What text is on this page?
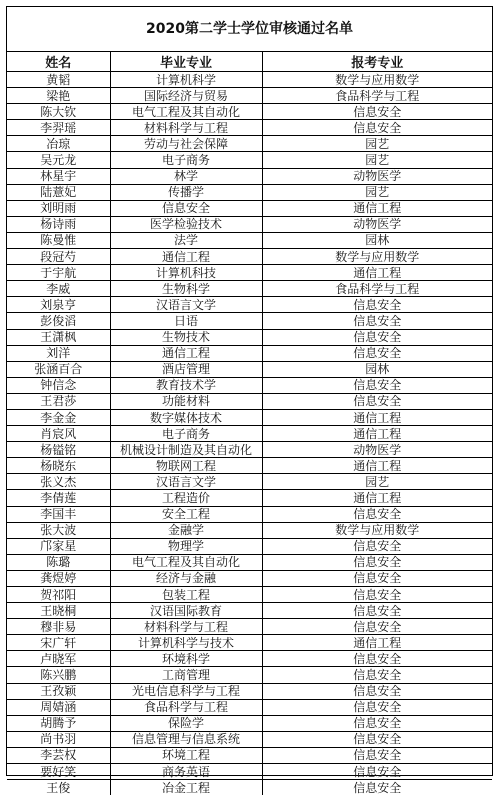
2020第二学士学位审核通过名单
姓名	毕业专业	报考专业
黄韬	计算机科学	数学与应用数学
梁艳	国际经济与贸易	食品科学与工程
陈大钦	电气工程及其自动化	信息安全
李羿瑶	材料科学与工程	信息安全
冶琼	劳动与社会保障	园艺
吴元龙	电子商务	园艺
林星宇	林学	动物医学
陆薏妃	传播学	园艺
刘明雨	信息安全	通信工程
杨诗雨	医学检验技术	动物医学
陈曼惟	法学	园林
段冠芍	通信工程	数学与应用数学
于宇航	计算机科技	通信工程
李威	生物科学	食品科学与工程
刘泉亨	汉语言文学	信息安全
彭俊滔	日语	信息安全
王潇枫	生物技术	信息安全
刘洋	通信工程	信息安全
张涵百合	酒店管理	园林
钟信念	教育技术学	信息安全
王君莎	功能材料	信息安全
李金金	数字媒体技术	通信工程
肖宸风	电子商务	通信工程
杨镒铭	机械设计制造及其自动化	动物医学
杨晓东	物联网工程	通信工程
张义杰	汉语言文学	园艺
李倩莲	工程造价	通信工程
李国丰	安全工程	信息安全
张大波	金融学	数学与应用数学
邝家星	物理学	信息安全
陈璐	电气工程及其自动化	信息安全
龚煜婷	经济与金融	信息安全
贺祁阳	包装工程	信息安全
王晓桐	汉语国际教育	信息安全
穆非易	材料科学与工程	信息安全
宋广轩	计算机科学与技术	通信工程
卢晓军	环境科学	信息安全
陈兴鹏	工商管理	信息安全
王孜颖	光电信息科学与工程	信息安全
周婧涵	食品科学与工程	信息安全
胡腾予	保险学	信息安全
尚书羽	信息管理与信息系统	信息安全
李芸权	环境工程	信息安全
要好笑	商务英语	信息安全
王俊	冶金工程	信息安全
